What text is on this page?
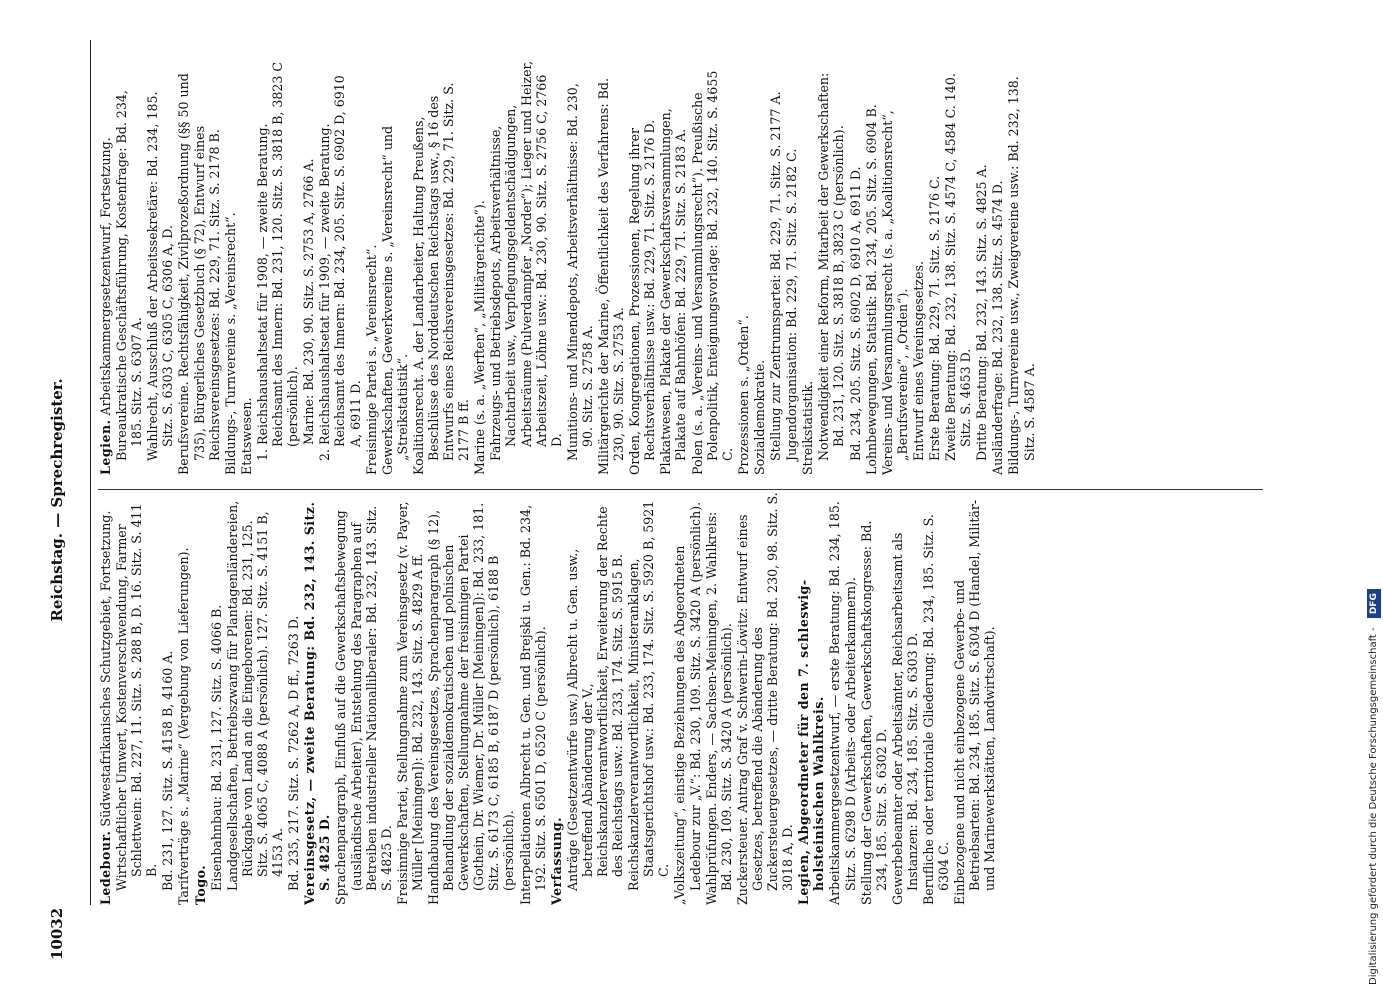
10032
Reichstag. — Sprechregister.
Ledebour. Südwestafrikanisches Schutzgebiet, Fortsetzung. Wirtschaftlicher Umwert, Kostenverschwendung, Farmer Schlettwein: Bd. 227, 11. Sitz. S. 288 B, D. 16. Sitz. S. 411 B. Bd. 231, 127. Sitz. S. 4158 B, 4160 A. Tarifverträge s. „Marine“ (Vergebung von Lieferungen). Togo. Eisenbahnbau: Bd. 231, 127. Sitz. S. 4066 B. Landgesellschaften, Betriebszwang für Plantagenländereien, Rückgabe von Land an die Eingeborenen: Bd. 231, 125. Sitz. S. 4065 C, 4088 A (persönlich). 127. Sitz. S. 4151 B, 4153 A. Bd. 235, 217. Sitz. S. 7262 A, D ff., 7263 D. Vereinsgesetz, — zweite Beratung: Bd. 232, 143. Sitz. S. 4825 D. Sprachenparagraph, Einfluß auf die Gewerkschaftsbewegung (ausländische Arbeiter), Entstehung des Paragraphen auf Betreiben industrieller Nationalliberaler: Bd. 232, 143. Sitz. S. 4825 D. Freisinnige Partei, Stellungnahme zum Vereinsgesetz (v. Payer, Müller [Meiningen]): Bd. 232, 143. Sitz. S. 4829 A ff. Handhabung des Vereinsgesetzes, Sprachenparagraph (§ 12), Behandlung der sozialdemokratischen und polnischen Gewerkschaften, Stellungnahme der freisinnigen Partei (Gothein, Dr. Wiemer, Dr. Müller [Meiningen]): Bd. 233, 181. Sitz. S. 6173 C, 6185 B, 6187 D (persönlich), 6188 B (persönlich). Interpellationen Albrecht u. Gen. und Brejski u. Gen.: Bd. 234, 192. Sitz. S. 6501 D, 6520 C (persönlich). Verfassung. Anträge (Gesetzentwürfe usw.) Albrecht u. Gen. usw., betreffend Abänderung der V., Reichskanzlerverantwortlichkeit, Erweiterung der Rechte des Reichstags usw.: Bd. 233, 174. Sitz. S. 5915 B. Reichskanzlerverantwortlichkeit, Ministeranklagen, Staatsgerichtshof usw.: Bd. 233, 174. Sitz. S. 5920 B, 5921 C. „Volkszeitung“, einstige Beziehungen des Abgeordneten Ledebour zur „V.“: Bd. 230, 109. Sitz. S. 3420 A (persönlich). Wahlprüfungen. Enders, — Sachsen-Meiningen, 2. Wahlkreis: Bd. 230, 109. Sitz. S. 3420 A (persönlich). Zuckersteuer. Antrag Graf v. Schwerin-Löwitz: Entwurf eines Gesetzes, betreffend die Abänderung des Zuckersteuergesetzes, — dritte Beratung: Bd. 230, 98. Sitz. S. 3018 A, D. Legien, Abgeordneter für den 7. schleswig-holsteinischen Wahlkreis. Arbeitskammergesetzentwurf, — erste Beratung: Bd. 234, 185. Sitz. S. 6298 D (Arbeits- oder Arbeiterkammern). Stellung der Gewerkschaften, Gewerkschaftskongresse: Bd. 234, 185. Sitz. S. 6302 D. Gewerbebeamter oder Arbeitsämter, Reichsarbeitsamt als Instanzen: Bd. 234, 185. Sitz. S. 6303 D. Berufliche oder territoriale Gliederung: Bd. 234, 185. Sitz. S. 6304 C. Einbezogene und nicht einbezogene Gewerbe- und Betriebsarten: Bd. 234, 185. Sitz. S. 6304 D (Handel, Militär- und Marinewerkstätten, Landwirtschaft).
Legien. Arbeitskammergesetzentwurf, Fortsetzung. Bureaukratische Geschäftsführung, Kostenfrage: Bd. 234, 185. Sitz. S. 6307 A. Wahlrecht, Ausschluß der Arbeitssekretäre: Bd. 234, 185. Sitz. S. 6303 C, 6305 C, 6306 A, D. Berufsvereine. Rechtsfähigkeit, Zivilprozeßordnung (§§ 50 und 735), Bürgerliches Gesetzbuch (§ 72), Entwurf eines Reichsvereinsgesetzes: Bd. 229, 71. Sitz. S. 2178 B. Bildungs-, Turnvereine s. „Vereinsrecht“. Etatswesen. 1. Reichshaushaltsetat für 1908, — zweite Beratung. Reichsamt des Innern: Bd. 231, 120. Sitz. S. 3818 B, 3823 C (persönlich). Marine: Bd. 230, 90. Sitz. S. 2753 A, 2766 A. 2. Reichshaushaltsetat für 1909, — zweite Beratung. Reichsamt des Innern: Bd. 234, 205. Sitz. S. 6902 D, 6910 A, 6911 D. Freisinnige Partei s. „Vereinsrecht“. Gewerkschaften, Gewerkvereine s. „Vereinsrecht“ und „Streikstatistik“. Koalitionsrecht. A. der Landarbeiter, Haltung Preußens, Beschlüsse des Norddeutschen Reichstags usw., § 16 des Entwurfs eines Reichsvereinsgesetzes: Bd. 229, 71. Sitz. S. 2177 B ff. Marine (s. a. „Werften“, „Militärgerichte“). Fahrzeugs- und Betriebsdepots, Arbeitsverhältnisse, Nachtarbeit usw., Verpflegungsgeldentschädigungen, Arbeitsräume (Pulverdampfer „Norder“); Lieger und Heizer, Arbeitszeit, Löhne usw.: Bd. 230, 90. Sitz. S. 2756 C, 2766 D. Munitions- und Minendepots, Arbeitsverhältnisse: Bd. 230, 90. Sitz. S. 2758 A. Militärgerichte der Marine, Öffentlichkeit des Verfahrens: Bd. 230, 90. Sitz. S. 2753 A. Orden, Kongregationen, Prozessionen, Regelung ihrer Rechtsverhältnisse usw.: Bd. 229, 71. Sitz. S. 2176 D. Plakatwesen, Plakate der Gewerkschaftsversammlungen, Plakate auf Bahnhöfen: Bd. 229, 71. Sitz. S. 2183 A. Polen (s. a. „Vereins- und Versammlungsrecht“). Preußische Polenpolitik, Enteignungsvorlage: Bd. 232, 140. Sitz. S. 4655 C. Prozessionen s. „Orden“. Sozialdemokratie. Stellung zur Zentrumspartei: Bd. 229, 71. Sitz. S. 2177 A. Jugendorganisation: Bd. 229, 71. Sitz. S. 2182 C. Streikstatistik. Notwendigkeit einer Reform, Mitarbeit der Gewerkschaften: Bd. 231, 120. Sitz. S. 3818 B, 3823 C (persönlich). Bd. 234, 205. Sitz. S. 6902 D, 6910 A, 6911 D. Lohnbewegungen, Statistik: Bd. 234, 205. Sitz. S. 6904 B. Vereins- und Versammlungsrecht (s. a. „Koalitionsrecht“, „Berufsvereine“, „Orden“). Entwurf eines Vereinsgesetzes. Erste Beratung: Bd. 229, 71. Sitz. S. 2176 C. Zweite Beratung: Bd. 232, 138. Sitz. S. 4574 C, 4584 C. 140. Sitz. S. 4653 D. Dritte Beratung: Bd. 232, 143. Sitz. S. 4825 A. Ausländerfrage: Bd. 232, 138. Sitz. S. 4574 D. Bildungs-, Turnvereine usw., Zweigvereine usw.: Bd. 232, 138. Sitz. S. 4587 A.
Digitalisierung gefördert durch die Deutsche Forschungsgemeinschaft - DFG
